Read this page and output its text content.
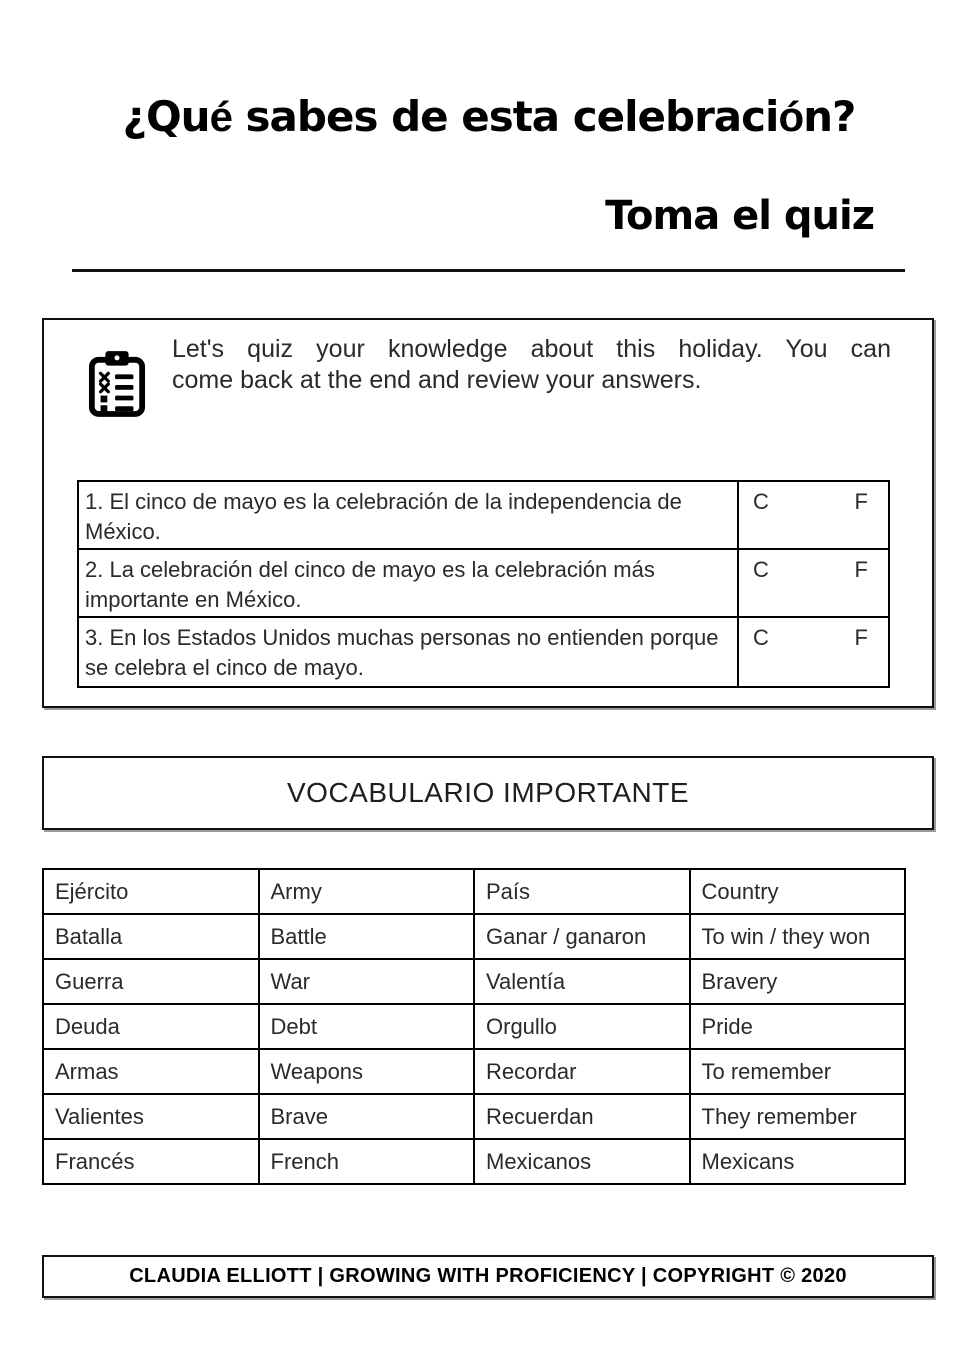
¿Qué sabes de esta celebración?
Toma el quiz
Let's quiz your knowledge about this holiday. You can
come back at the end and review your answers.
1. El cinco de mayo es la celebración de la independencia de México.
C	F
2. La celebración del cinco de mayo es la celebración más importante en México.
C	F
3. En los Estados Unidos muchas personas no entienden porque se celebra el cinco de mayo.
C	F
VOCABULARIO IMPORTANTE
Ejército	Army	País	Country
Batalla	Battle	Ganar / ganaron	To win / they won
Guerra	War	Valentía	Bravery
Deuda	Debt	Orgullo	Pride
Armas	Weapons	Recordar	To remember
Valientes	Brave	Recuerdan	They remember
Francés	French	Mexicanos	Mexicans
CLAUDIA ELLIOTT | GROWING WITH PROFICIENCY | COPYRIGHT © 2020
